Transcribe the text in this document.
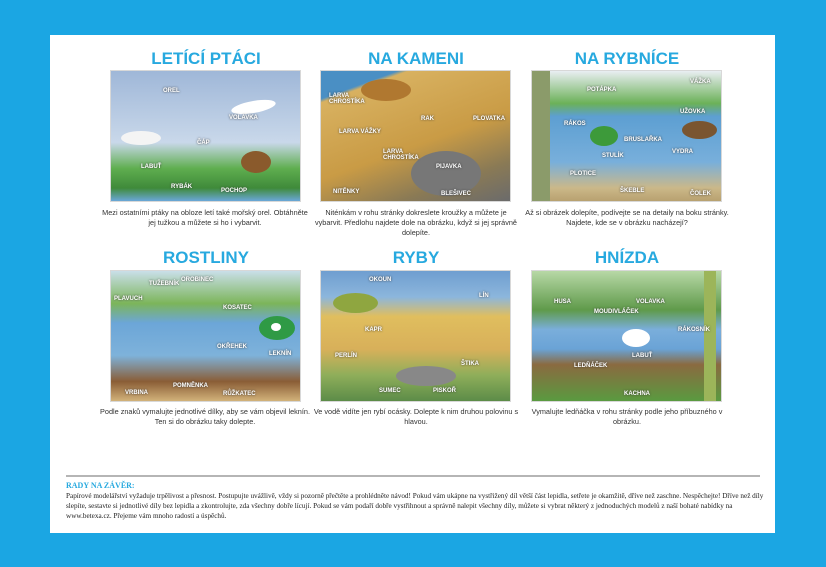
LETÍCÍ PTÁCI	NA KAMENI	NA RYBNÍCE
OREL
VOLAVKA
ČÁP
LABUŤ
RYBÁK
POCHOP
LARVA CHROSTÍKA
RAK	PLOVATKA
LARVA VÁŽKY
LARVA CHROSTÍKA
PIJAVKA
NITĚNKY	BLEŠIVEC
POTÁPKA
VÁŽKA
UŽOVKA
RÁKOS
BRUSLAŘKA
STULÍK
VYDRA
PLOTICE
ŠKEBLE	ČOLEK
Mezi ostatními ptáky na obloze letí také mořský orel. Obtáhněte jej tužkou a můžete si ho i vybarvit.
Niténkám v rohu stránky dokreslete kroužky a můžete je vybarvit. Předlohu najdete dole na obrázku, když si jej správně dolepíte.
Až si obrázek dolepíte, podívejte se na detaily na boku stránky. Najdete, kde se v obrázku nacházejí?
ROSTLINY	RYBY	HNÍZDA
TUŽEBNÍK
PLAVUCH
OROBINEC
KOSATEC
OKŘEHEK
LEKNÍN
VRBINA
POMNĚNKA
RŮŽKATEC
OKOUN
LÍN
KAPR
PERLÍN
ŠTIKA
SUMEC	PISKOŘ
HUSA	VOLAVKA
MOUDIVLÁČEK
RÁKOSNÍK
LABUŤ
LEDŇÁČEK
KACHNA
Podle znaků vymalujte jednotlivé dílky, aby se vám objevil leknín. Ten si do obrázku taky dolepte.
Ve vodě vidíte jen rybí ocásky. Dolepte k nim druhou polovinu s hlavou.
Vymalujte ledňáčka v rohu stránky podle jeho příbuzného v obrázku.
RADY NA ZÁVĚR:
Papírové modelářství vyžaduje trpělivost a přesnost. Postupujte uvážlivě, vždy si pozorně přečtěte a prohlédněte návod! Pokud vám ukápne na vystřižený díl větší část lepidla, setřete je okamžitě, dříve než zaschne. Nespěchejte! Dříve než díly slepíte, sestavte si jednotlivé díly bez lepidla a zkontrolujte, zda všechny dobře lícují. Pokud se vám podaří dobře vystřihnout a správně nalepit všechny díly, můžete si vybrat některý z jednoduchých modelů z naší bohaté nabídky na www.betexa.cz. Přejeme vám mnoho radostí a úspěchů.
